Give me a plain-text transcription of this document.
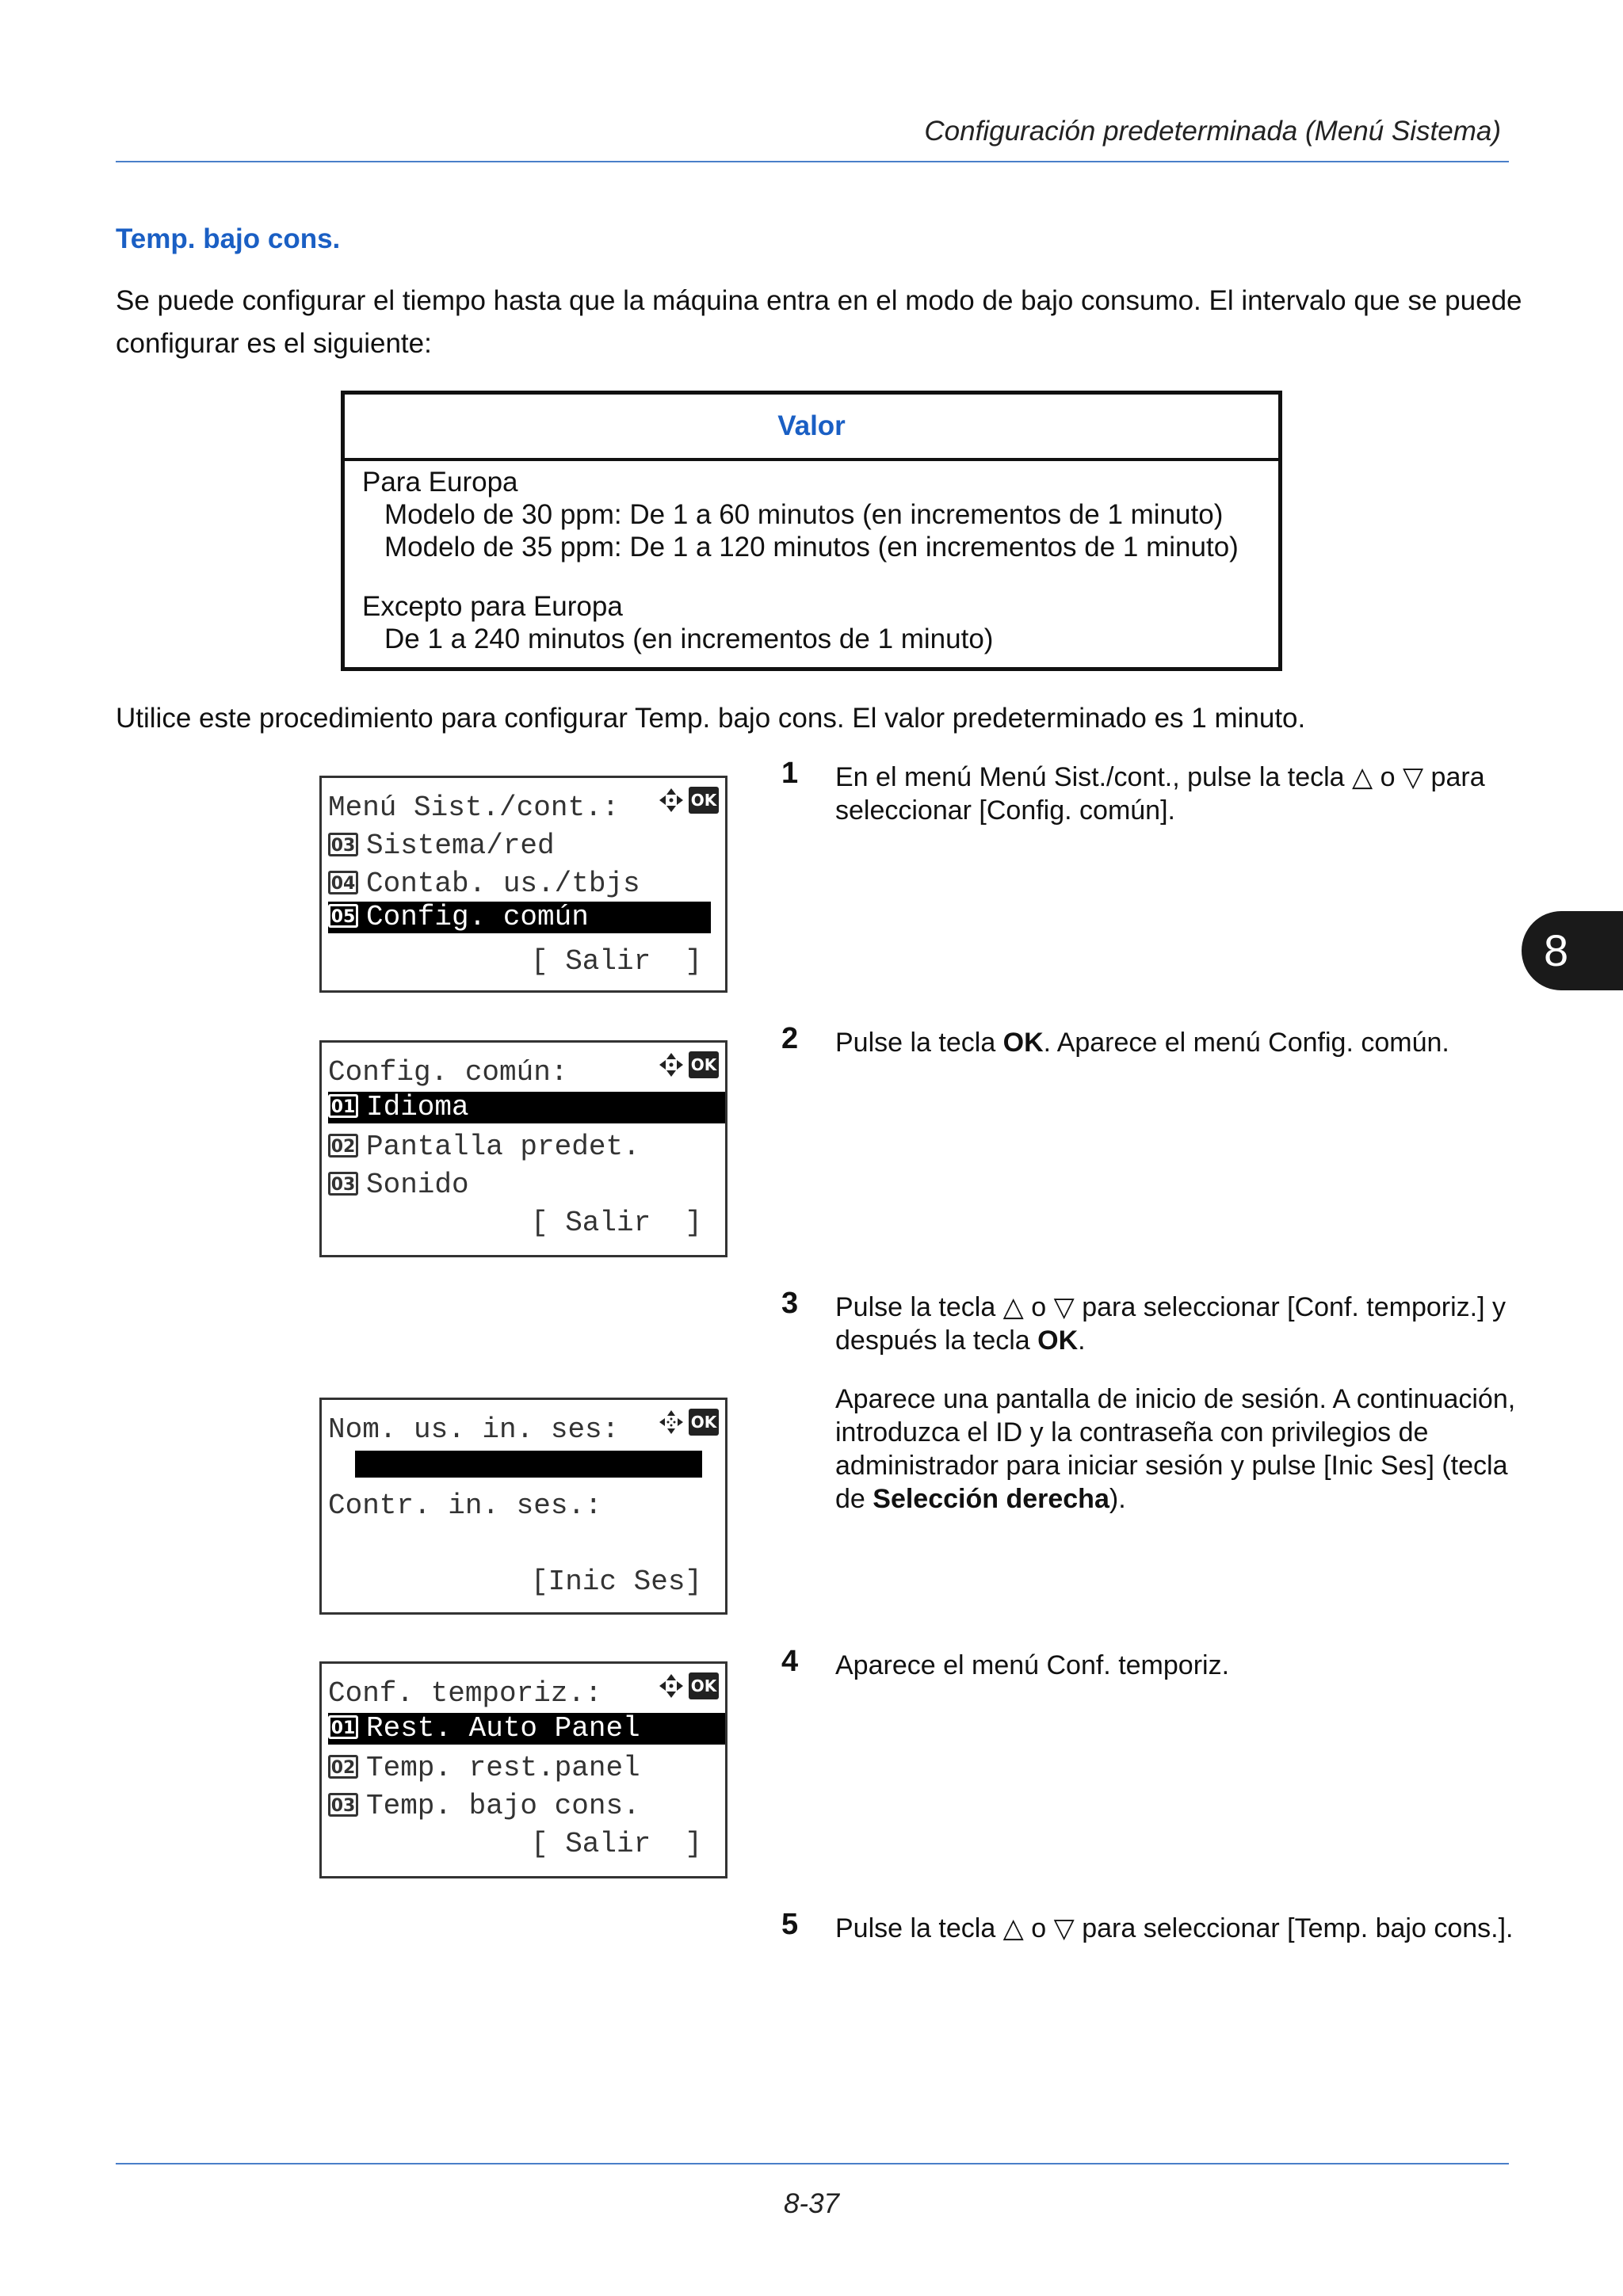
Configuración predeterminada (Menú Sistema)
Temp. bajo cons.
Se puede configurar el tiempo hasta que la máquina entra en el modo de bajo consumo. El intervalo que se puede configurar es el siguiente:
Valor
Para Europa
Modelo de 30 ppm: De 1 a 60 minutos (en incrementos de 1 minuto)
Modelo de 35 ppm: De 1 a 120 minutos (en incrementos de 1 minuto)
Excepto para Europa
De 1 a 240 minutos (en incrementos de 1 minuto)
Utilice este procedimiento para configurar Temp. bajo cons. El valor predeterminado es 1 minuto.
Menú Sist./cont.:	OK
03 Sistema/red
04 Contab. us./tbjs
05 Config. común
[ Salir  ]
Config. común:	OK
01 Idioma
02 Pantalla predet.
03 Sonido
[ Salir  ]
Nom. us. in. ses:	OK
Contr. in. ses.:
[Inic Ses]
Conf. temporiz.:	OK
01 Rest. Auto Panel
02 Temp. rest.panel
03 Temp. bajo cons.
[ Salir  ]
1 En el menú Menú Sist./cont., pulse la tecla △ o ▽ para seleccionar [Config. común].
2 Pulse la tecla OK. Aparece el menú Config. común.
3 Pulse la tecla △ o ▽ para seleccionar [Conf. temporiz.] y después la tecla OK.
Aparece una pantalla de inicio de sesión. A continuación, introduzca el ID y la contraseña con privilegios de administrador para iniciar sesión y pulse [Inic Ses] (tecla de Selección derecha).
4 Aparece el menú Conf. temporiz.
5 Pulse la tecla △ o ▽ para seleccionar [Temp. bajo cons.].
8
8-37
